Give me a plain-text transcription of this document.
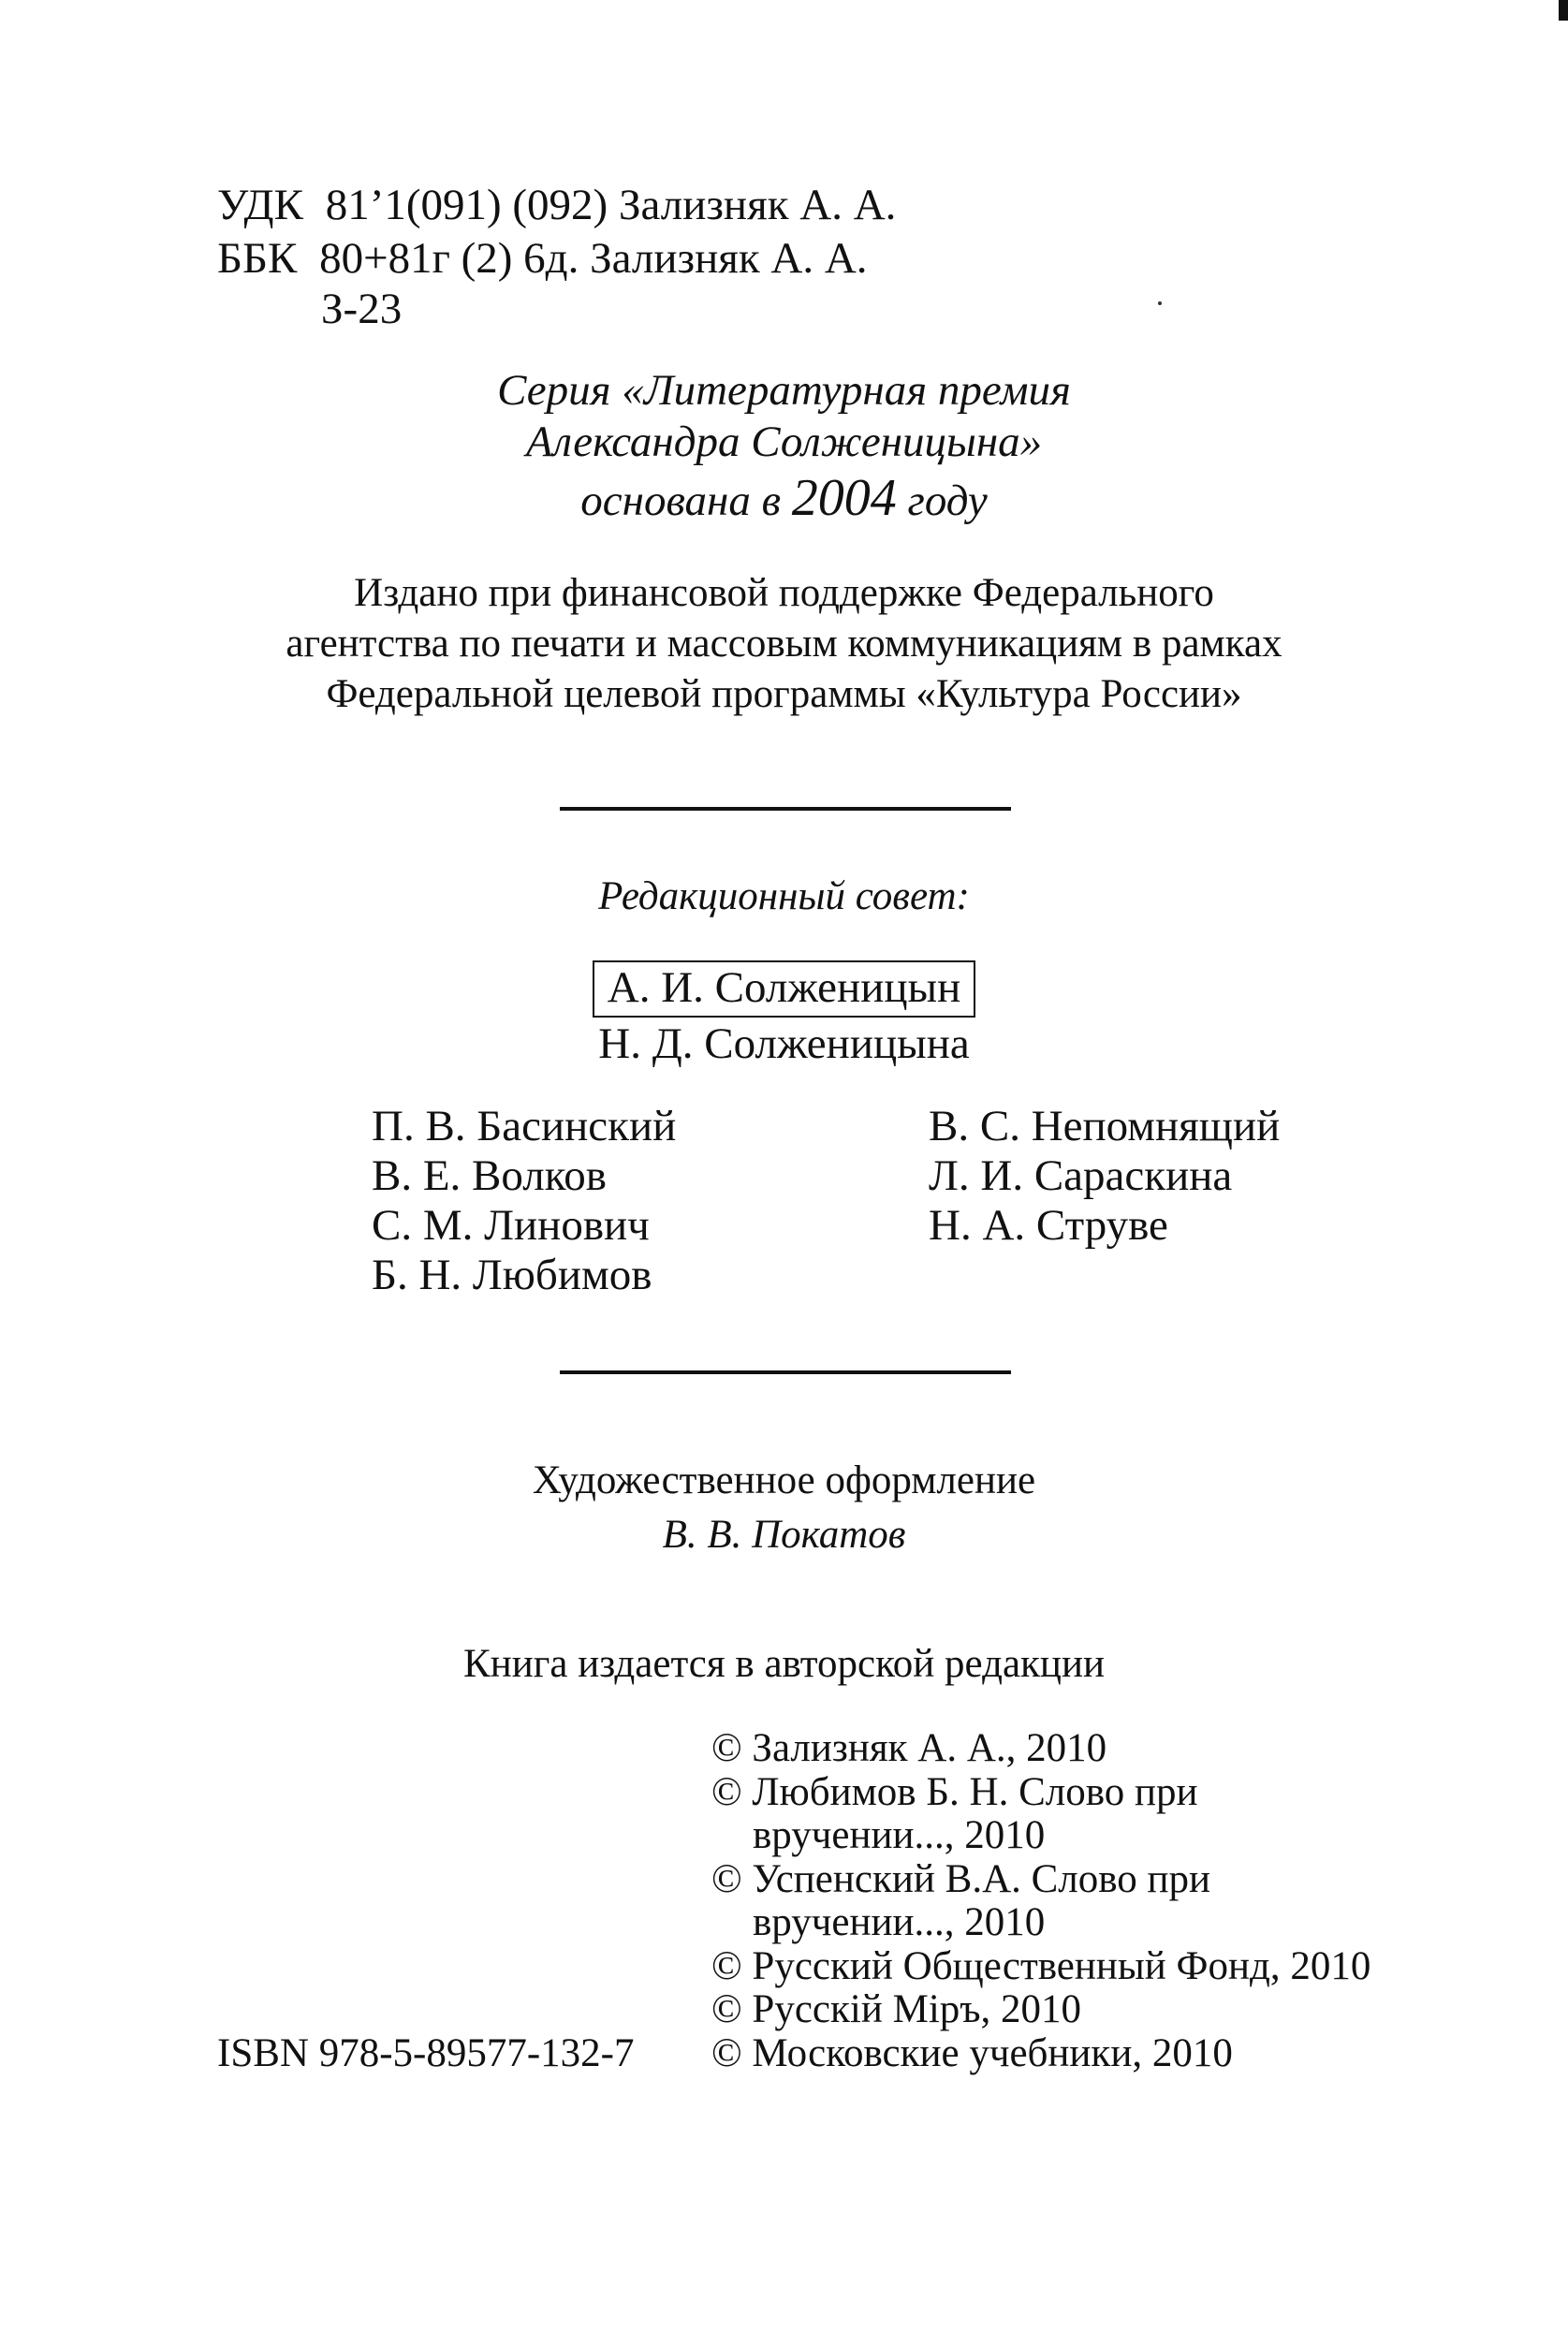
УДК 81’1(091) (092) Зализняк А. А.
ББК 80+81г (2) 6д. Зализняк А. А.
З-23
Серия «Литературная премия
Александра Солженицына»
основана в 2004 году
Издано при финансовой поддержке Федерального
агентства по печати и массовым коммуникациям в рамках
Федеральной целевой программы «Культура России»
Редакционный совет:
А. И. Солженицын
Н. Д. Солженицына
П. В. Басинский
В. Е. Волков
С. М. Линович
Б. Н. Любимов
В. С. Непомнящий
Л. И. Сараскина
Н. А. Струве
Художественное оформление
В. В. Покатов
Книга издается в авторской редакции
© Зализняк А. А., 2010
© Любимов Б. Н. Слово при
вручении..., 2010
© Успенский В.А. Слово при
вручении..., 2010
© Русский Общественный Фонд, 2010
© Русскій Міръ, 2010
© Московские учебники, 2010
ISBN 978-5-89577-132-7
